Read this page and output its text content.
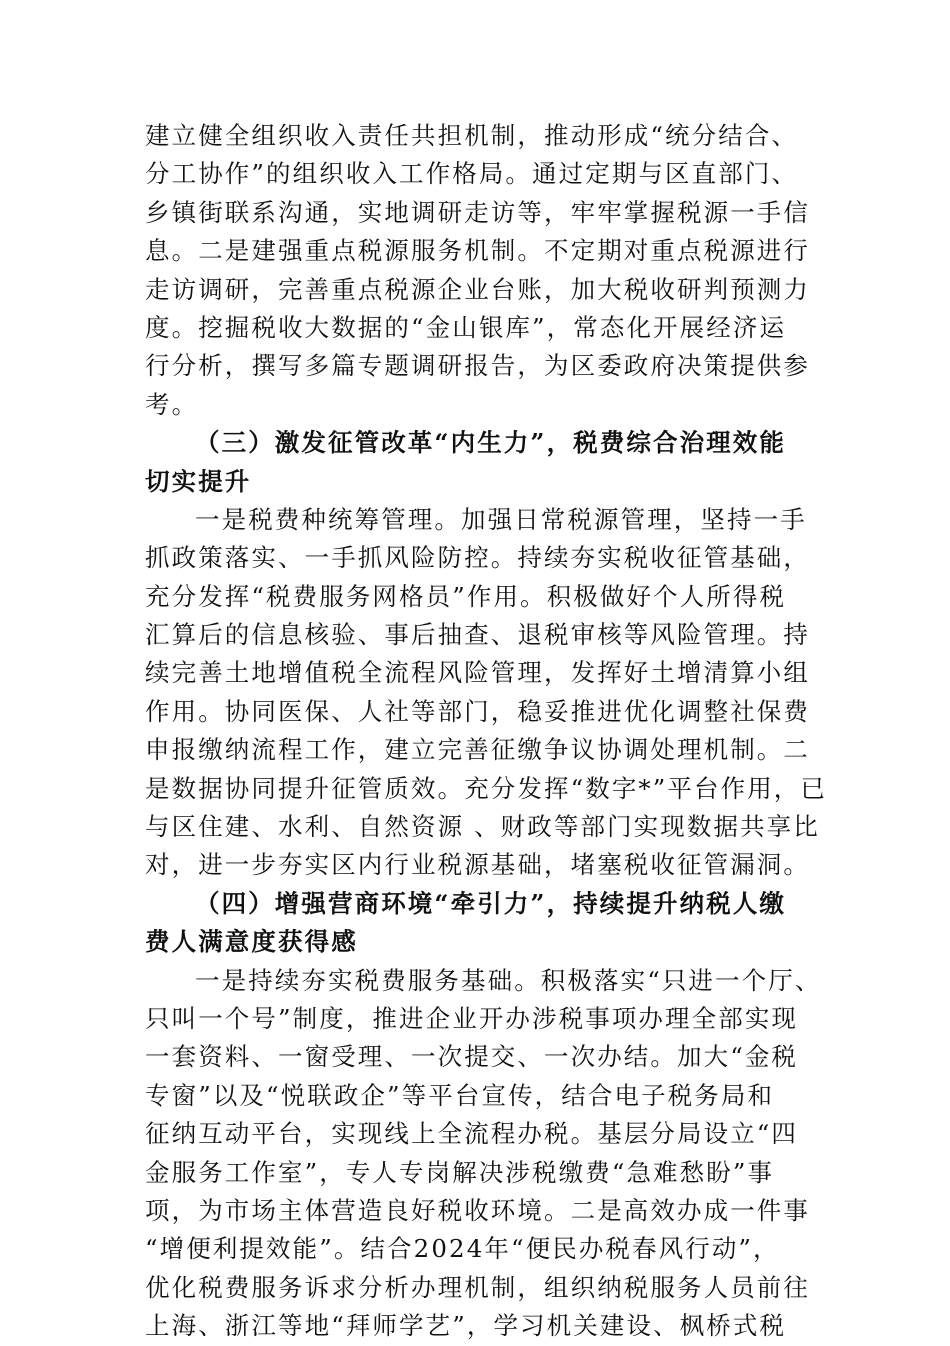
建立健全组织收入责任共担机制，推动形成“统分结合、
分工协作”的组织收入工作格局。通过定期与区直部门、
乡镇街联系沟通，实地调研走访等，牢牢掌握税源一手信
息。二是建强重点税源服务机制。不定期对重点税源进行
走访调研，完善重点税源企业台账，加大税收研判预测力
度。挖掘税收大数据的“金山银库”，常态化开展经济运
行分析，撰写多篇专题调研报告，为区委政府决策提供参
考。
（三）激发征管改革“内生力”，税费综合治理效能
切实提升
一是税费种统筹管理。加强日常税源管理，坚持一手
抓政策落实、一手抓风险防控。持续夯实税收征管基础，
充分发挥“税费服务网格员”作用。积极做好个人所得税
汇算后的信息核验、事后抽查、退税审核等风险管理。持
续完善土地增值税全流程风险管理，发挥好土增清算小组
作用。协同医保、人社等部门，稳妥推进优化调整社保费
申报缴纳流程工作，建立完善征缴争议协调处理机制。二
是数据协同提升征管质效。充分发挥“数字*”平台作用，已
与区住建、水利、自然资源 、财政等部门实现数据共享比
对，进一步夯实区内行业税源基础，堵塞税收征管漏洞。
（四）增强营商环境“牵引力”，持续提升纳税人缴
费人满意度获得感
一是持续夯实税费服务基础。积极落实“只进一个厅、
只叫一个号”制度，推进企业开办涉税事项办理全部实现
一套资料、一窗受理、一次提交、一次办结。加大“金税
专窗”以及“悦联政企”等平台宣传，结合电子税务局和
征纳互动平台，实现线上全流程办税。基层分局设立“四
金服务工作室”，专人专岗解决涉税缴费“急难愁盼”事
项，为市场主体营造良好税收环境。二是高效办成一件事
“增便利提效能”。结合2024年“便民办税春风行动”，
优化税费服务诉求分析办理机制，组织纳税服务人员前往
上海、浙江等地“拜师学艺”，学习机关建设、枫桥式税
